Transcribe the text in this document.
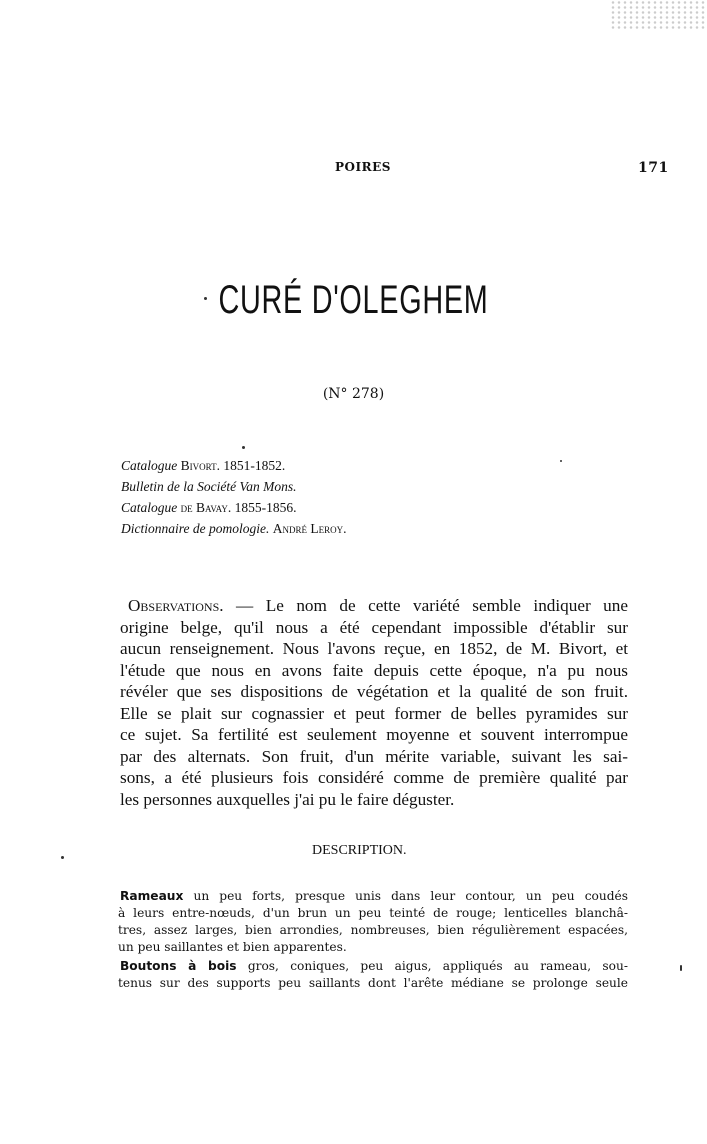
POIRES	171
CURÉ D'OLEGHEM
(N° 278)
Catalogue Bivort. 1851-1852.
Bulletin de la Société Van Mons.
Catalogue de Bavay. 1855-1856.
Dictionnaire de pomologie. André Leroy.
Observations. — Le nom de cette variété semble indiquer une
origine belge, qu'il nous a été cependant impossible d'établir sur
aucun renseignement. Nous l'avons reçue, en 1852, de M. Bivort, et
l'étude que nous en avons faite depuis cette époque, n'a pu nous
révéler que ses dispositions de végétation et la qualité de son fruit.
Elle se plait sur cognassier et peut former de belles pyramides sur
ce sujet. Sa fertilité est seulement moyenne et souvent interrompue
par des alternats. Son fruit, d'un mérite variable, suivant les sai-
sons, a été plusieurs fois considéré comme de première qualité par
les personnes auxquelles j'ai pu le faire déguster.
DESCRIPTION.
Rameaux un peu forts, presque unis dans leur contour, un peu coudés
à leurs entre-nœuds, d'un brun un peu teinté de rouge; lenticelles blanchâ-
tres, assez larges, bien arrondies, nombreuses, bien régulièrement espacées,
un peu saillantes et bien apparentes.
Boutons à bois gros, coniques, peu aigus, appliqués au rameau, sou-
tenus sur des supports peu saillants dont l'arête médiane se prolonge seule
